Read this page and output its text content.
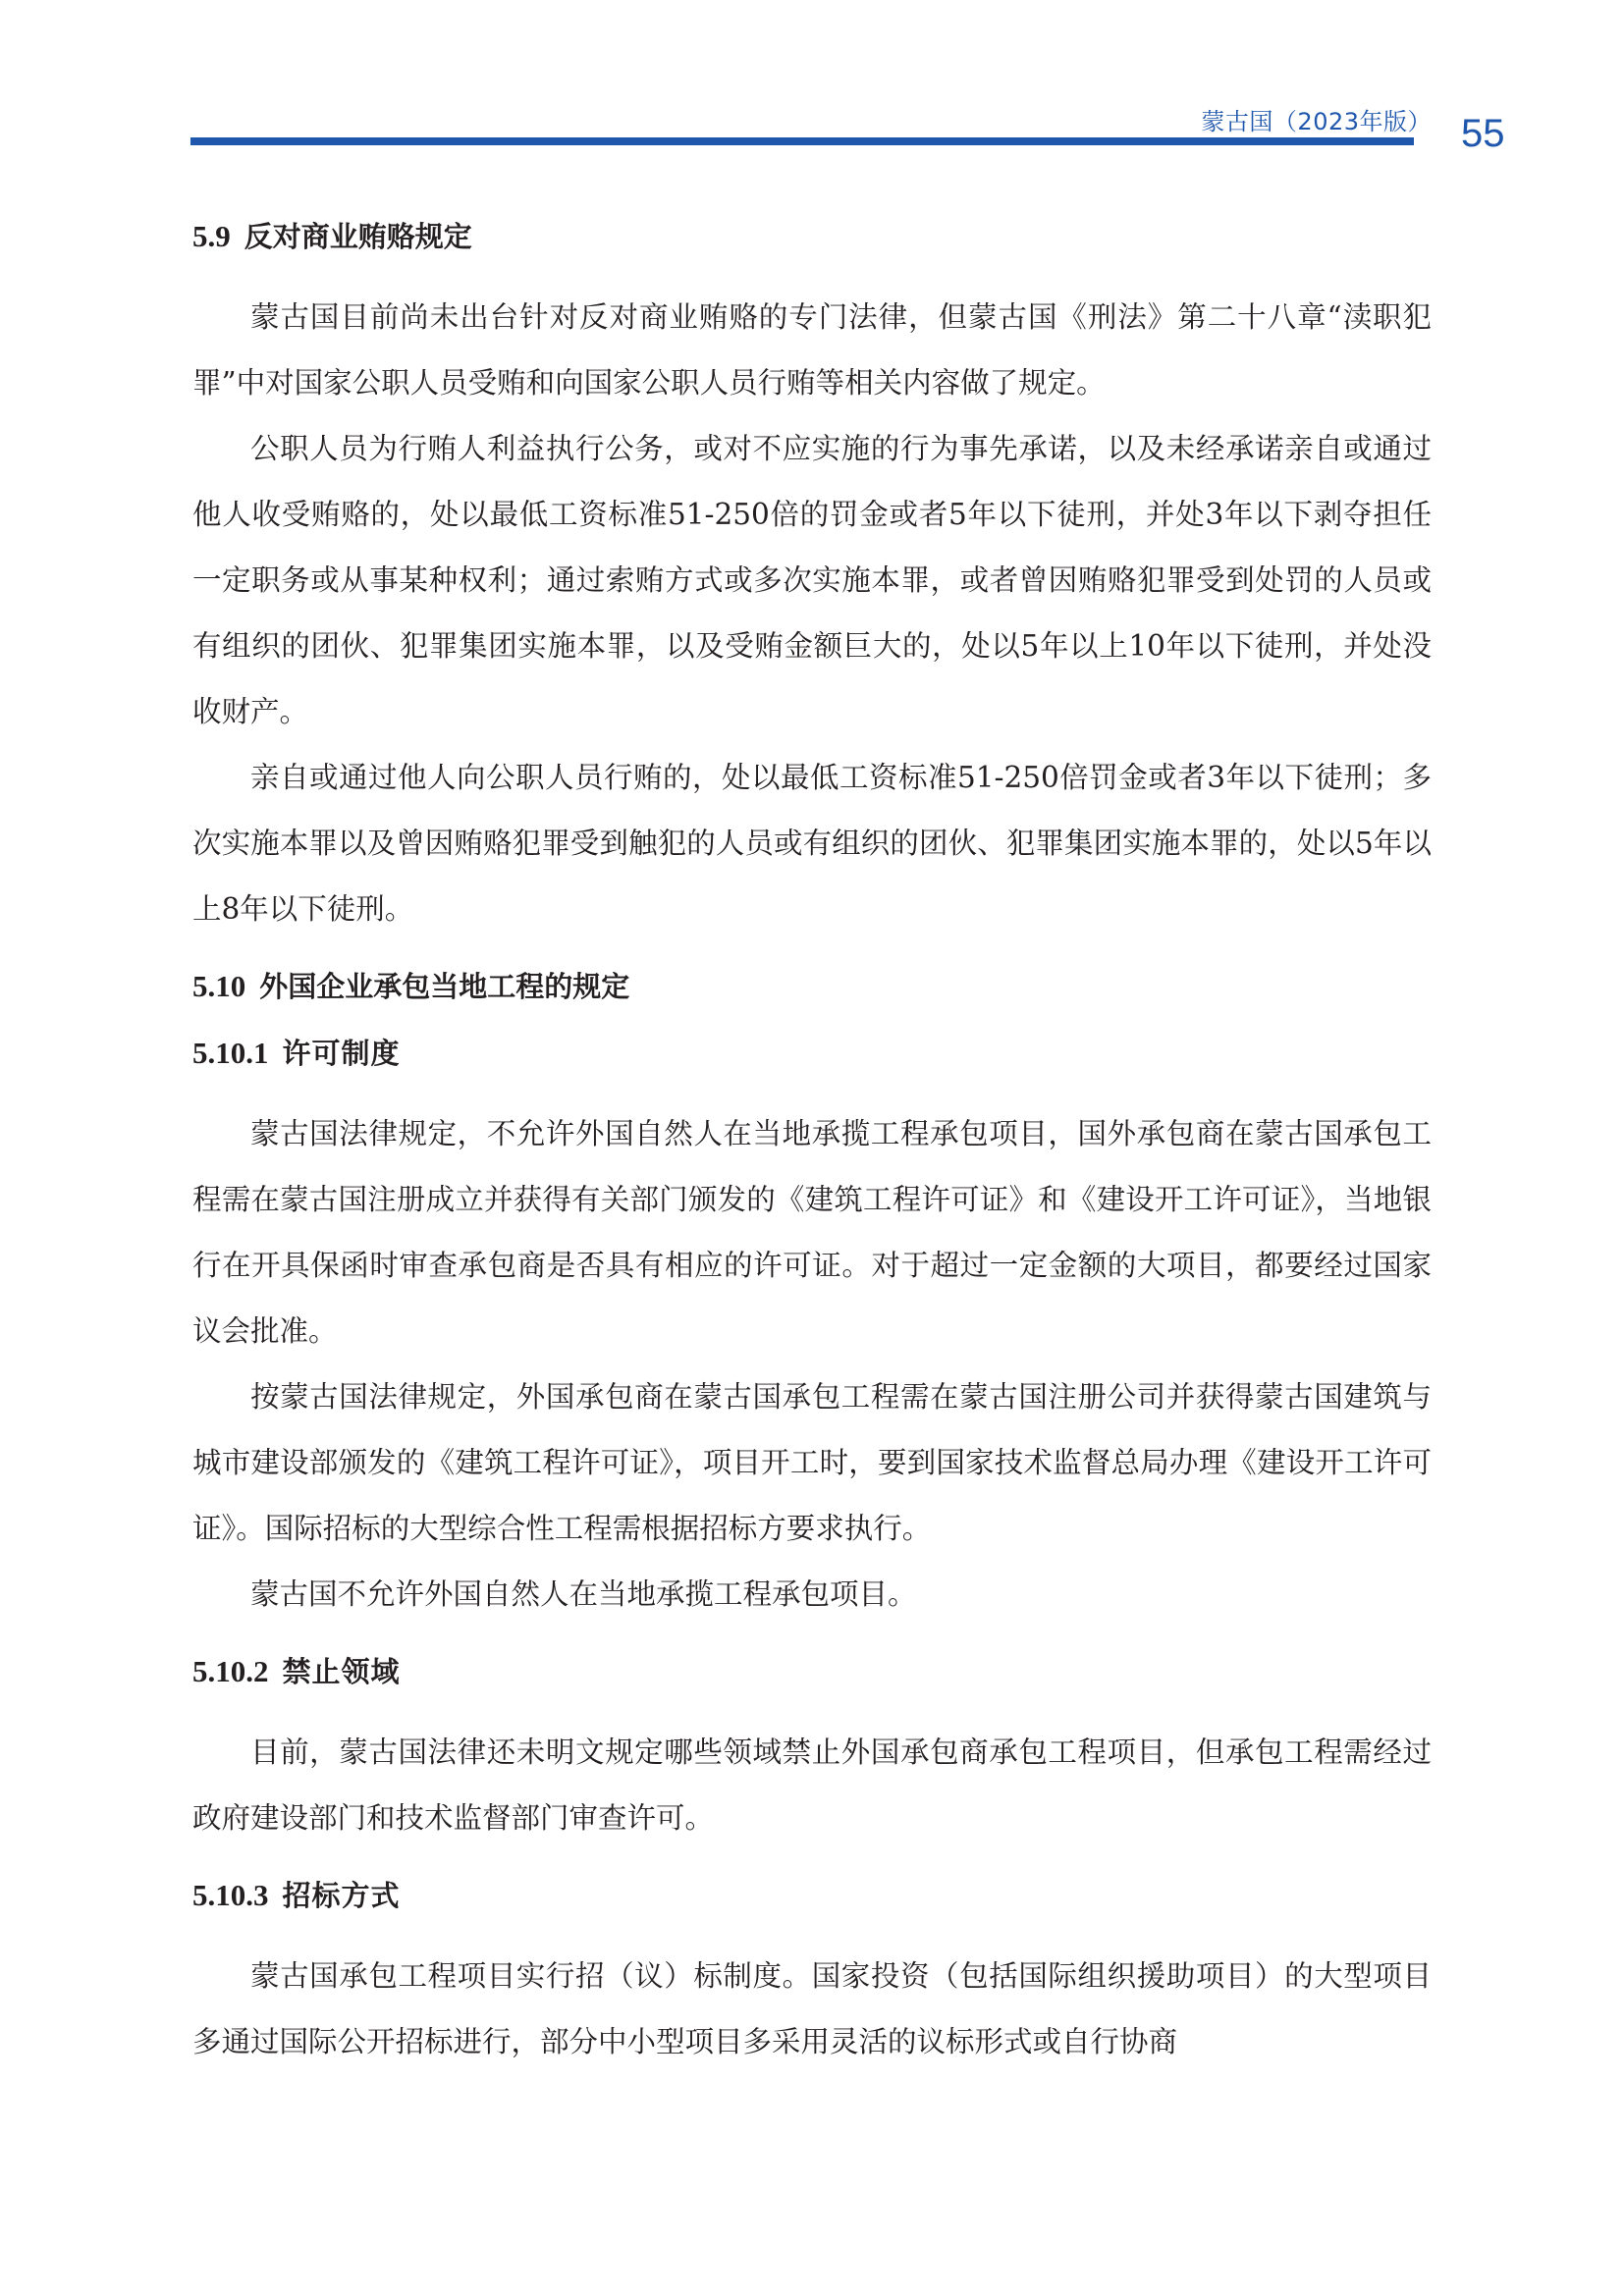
蒙古国（2023年版） 55
5.9 反对商业贿赂规定

蒙古国目前尚未出台针对反对商业贿赂的专门法律，但蒙古国《刑法》第二十八章“渎职犯罪”中对国家公职人员受贿和向国家公职人员行贿等相关内容做了规定。

公职人员为行贿人利益执行公务，或对不应实施的行为事先承诺，以及未经承诺亲自或通过他人收受贿赂的，处以最低工资标准51-250倍的罚金或者5年以下徒刑，并处3年以下剥夺担任一定职务或从事某种权利；通过索贿方式或多次实施本罪，或者曾因贿赂犯罪受到处罚的人员或有组织的团伙、犯罪集团实施本罪，以及受贿金额巨大的，处以5年以上10年以下徒刑，并处没收财产。

亲自或通过他人向公职人员行贿的，处以最低工资标准51-250倍罚金或者3年以下徒刑；多次实施本罪以及曾因贿赂犯罪受到触犯的人员或有组织的团伙、犯罪集团实施本罪的，处以5年以上8年以下徒刑。

5.10 外国企业承包当地工程的规定
5.10.1 许可制度

蒙古国法律规定，不允许外国自然人在当地承揽工程承包项目，国外承包商在蒙古国承包工程需在蒙古国注册成立并获得有关部门颁发的《建筑工程许可证》和《建设开工许可证》，当地银行在开具保函时审查承包商是否具有相应的许可证。对于超过一定金额的大项目，都要经过国家议会批准。

按蒙古国法律规定，外国承包商在蒙古国承包工程需在蒙古国注册公司并获得蒙古国建筑与城市建设部颁发的《建筑工程许可证》，项目开工时，要到国家技术监督总局办理《建设开工许可证》。国际招标的大型综合性工程需根据招标方要求执行。

蒙古国不允许外国自然人在当地承揽工程承包项目。

5.10.2 禁止领域

目前，蒙古国法律还未明文规定哪些领域禁止外国承包商承包工程项目，但承包工程需经过政府建设部门和技术监督部门审查许可。

5.10.3 招标方式

蒙古国承包工程项目实行招（议）标制度。国家投资（包括国际组织援助项目）的大型项目多通过国际公开招标进行，部分中小型项目多采用灵活的议标形式或自行协商
